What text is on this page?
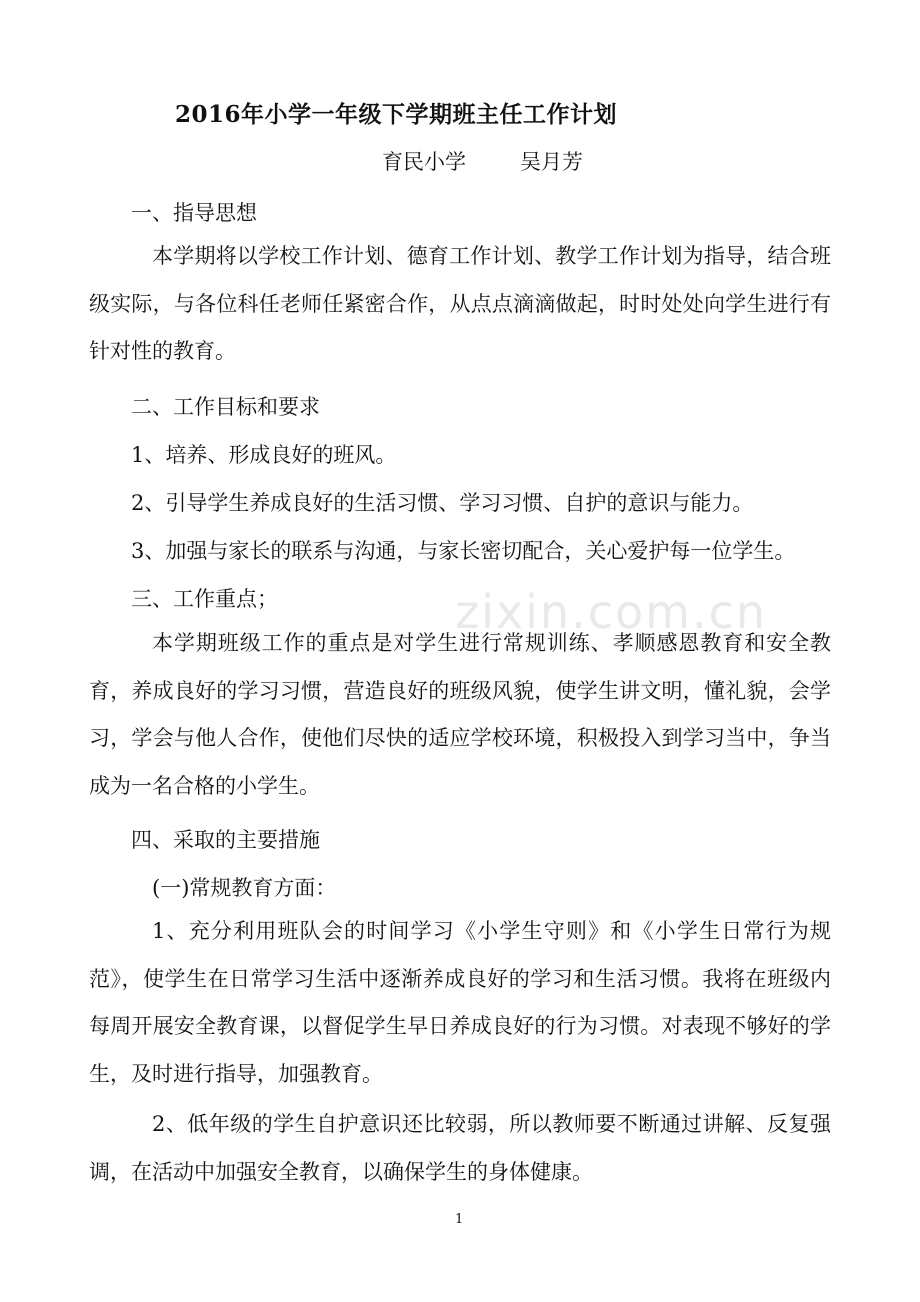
zixin.com.cn
2016年小学一年级下学期班主任工作计划
育民小学	吴月芳
一、指导思想
本学期将以学校工作计划、德育工作计划、教学工作计划为指导，结合班级实际，与各位科任老师任紧密合作，从点点滴滴做起，时时处处向学生进行有针对性的教育。
二、工作目标和要求
1、培养、形成良好的班风。
2、引导学生养成良好的生活习惯、学习习惯、自护的意识与能力。
3、加强与家长的联系与沟通，与家长密切配合，关心爱护每一位学生。
三、工作重点；
本学期班级工作的重点是对学生进行常规训练、孝顺感恩教育和安全教育，养成良好的学习习惯，营造良好的班级风貌，使学生讲文明，懂礼貌，会学习，学会与他人合作，使他们尽快的适应学校环境，积极投入到学习当中，争当成为一名合格的小学生。
四、采取的主要措施
(一)常规教育方面：
1、充分利用班队会的时间学习《小学生守则》和《小学生日常行为规范》，使学生在日常学习生活中逐渐养成良好的学习和生活习惯。我将在班级内每周开展安全教育课，以督促学生早日养成良好的行为习惯。对表现不够好的学生，及时进行指导，加强教育。
2、低年级的学生自护意识还比较弱，所以教师要不断通过讲解、反复强调，在活动中加强安全教育，以确保学生的身体健康。
1
